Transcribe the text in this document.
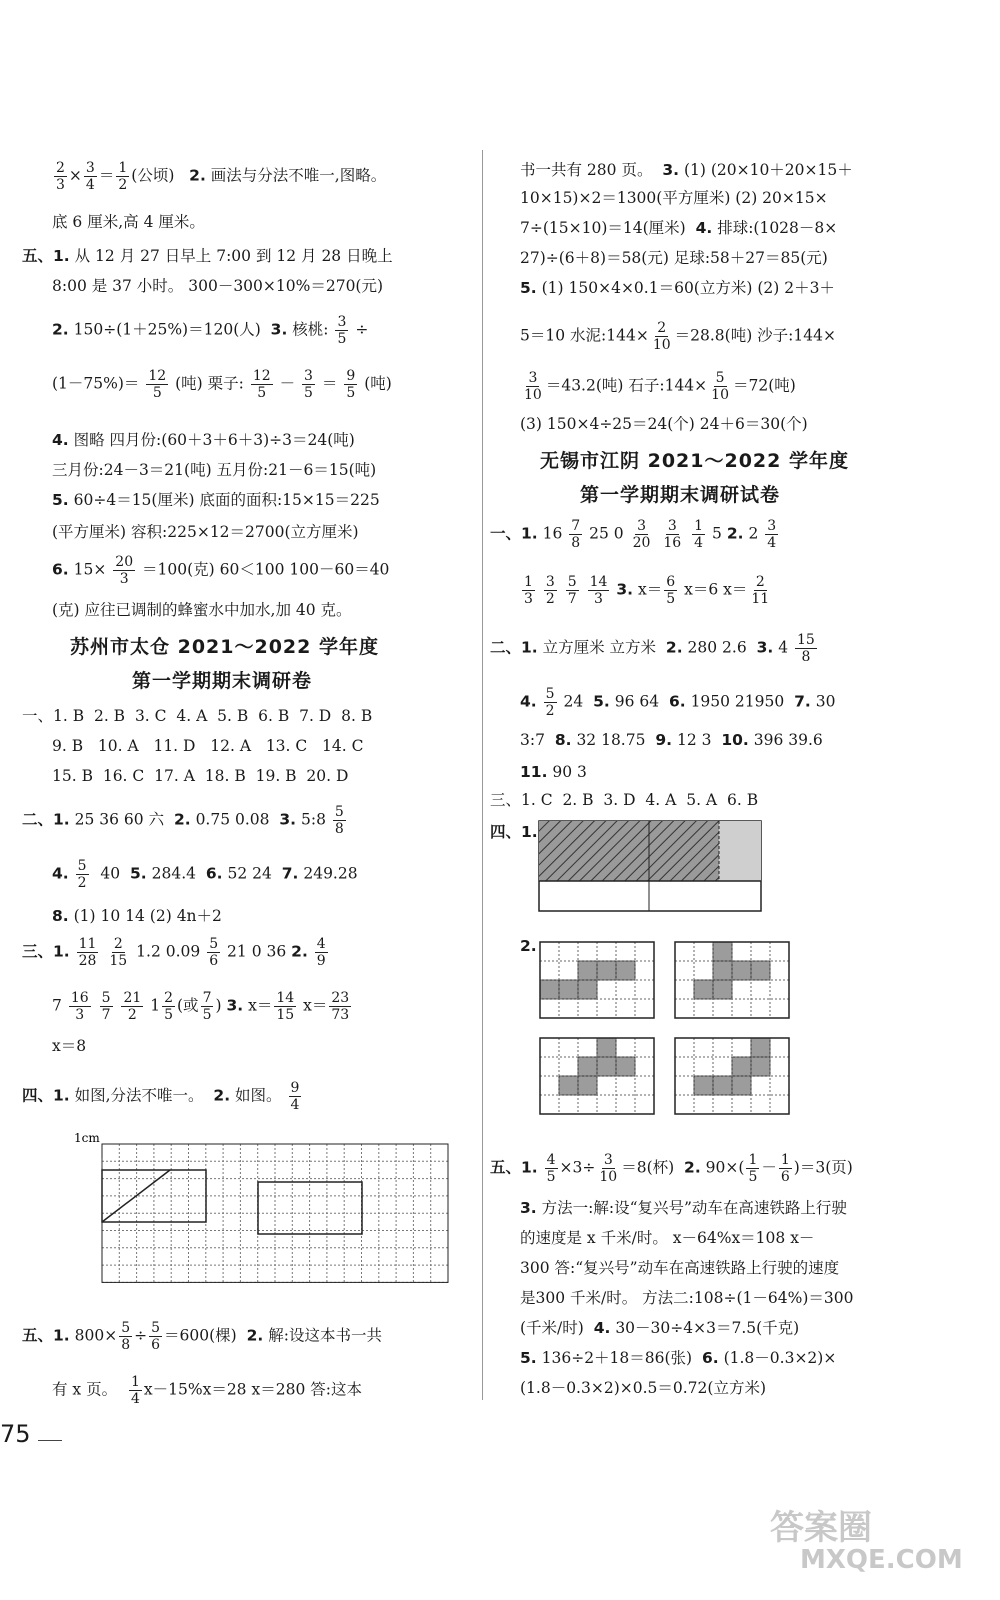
$\frac{2}{3} \times \frac{3}{4} = \frac{1}{2}$ (公顷)   2. 画法与分法不唯一,图略。
底 6 厘米,高 4 厘米。
五、1. 从 12 月 27 日早上 7:00 到 12 月 28 日晚上
8:00 是 37 小时。 300－300×10%＝270(元)
2. 150÷(1＋25%)＝120(人) 3. 核桃: $\frac{3}{5}$ ÷
$(1-75\%)= \frac{12}{5}$ (吨) 栗子: $\frac{12}{5} - \frac{3}{5} = \frac{9}{5}$ (吨)
4. 图略 四月份:(60＋3＋6＋3)÷3＝24(吨)
三月份:24－3＝21(吨) 五月份:21－6＝15(吨)
5. 60÷4＝15(厘米) 底面的面积:15×15＝225
(平方厘米) 容积:225×12＝2700(立方厘米)
6. $15\times \frac{20}{3} =100$(克) 60＜100 100－60＝40
(克) 应往已调制的蜂蜜水中加水,加 40 克。
苏州市太仓 2021～2022 学年度
第一学期期末调研卷
一、1. B 2. B 3. C 4. A 5. B 6. B 7. D 8. B
9. B 10. A 11. D 12. A 13. C 14. C
15. B 16. C 17. A 18. B 19. B 20. D
二、1. 25 36 60 六 2. 0.75 0.08 3. 5:8 $\frac{5}{8}$
4. $\frac{5}{2} 40$ 5. 284.4 6. 52 24 7. 249.28
8. (1) 10 14 (2) 4n＋2
三、1. $\frac{11}{28}$
$\frac{2}{15} 1.2$ $0.09 \frac{5}{6} 21$ 0 36 2. $\frac{4}{9}$
$7 \frac{16}{3}$
$\frac{5}{7}$
$\frac{21}{2} 1 \frac{2}{5}$ (或 $\frac{7}{5}$ ) 3. $x= \frac{14}{15} x= \frac{23}{73}$
x＝8
四、1. 如图,分法不唯一。 2. 如图。 $\frac{9}{4}$
1cm
五、1. $800\times \frac{5}{8} \div \frac{5}{6} =600$(棵) 2. 解:设这本书一共
有 x 页。 $\frac{1}{4} x-15\%x=28$ x＝280 答:这本
书一共有 280 页。 3. (1) (20×10＋20×15＋
10×15)×2＝1300(平方厘米) (2) 20×15×
7÷(15×10)＝14(厘米) 4. 排球:(1028－8×
27)÷(6＋8)＝58(元) 足球:58＋27＝85(元)
5. (1) 150×4×0.1＝60(立方米) (2) 2＋3＋
5＝10 水泥:144× $\frac{2}{10} =28.8$(吨) 沙子:144×
$\frac{3}{10} =43.2$(吨) 石子:144× $\frac{5}{10} =72$(吨)
(3) 150×4÷25＝24(个) 24＋6＝30(个)
无锡市江阴 2021～2022 学年度
第一学期期末调研试卷
一、1. $16 \frac{7}{8} 25$ $0 \frac{3}{20}$
$\frac{3}{16}$
$\frac{1}{4} 5$ 2. $2 \frac{3}{4}$
$\frac{1}{3}$
$\frac{3}{2}$
$\frac{5}{7}$
$\frac{14}{3} 3$. $x= \frac{6}{5} x=6$ $x= \frac{2}{11}$
二、1. 立方厘米 立方米 2. 280 2.6 3. $4 \frac{15}{8}$
4. $\frac{5}{2} 24$ 5. 96 64 6. 1950 21950 7. 30
3:7 8. 32 18.75 9. 12 3 10. 396 39.6
11. 90 3
三、1. C 2. B 3. D 4. A 5. A 6. B
四、1.
2.
五、1. $\frac{4}{5} \times 3\div \frac{3}{10} =8$(杯) 2. $90\times( \frac{1}{5} - \frac{1}{6} )=3$(页)
3. 方法一:解:设“复兴号”动车在高速铁路上行驶
的速度是 x 千米/时。 x－64%x＝108 x－
300 答:“复兴号”动车在高速铁路上行驶的速度
是300 千米/时。 方法二:108÷(1－64%)＝300
(千米/时) 4. 30－30÷4×3＝7.5(千克)
5. 136÷2＋18＝86(张) 6. (1.8－0.3×2)×
(1.8－0.3×2)×0.5＝0.72(立方米)
75
答案圈
MXQE.COM
